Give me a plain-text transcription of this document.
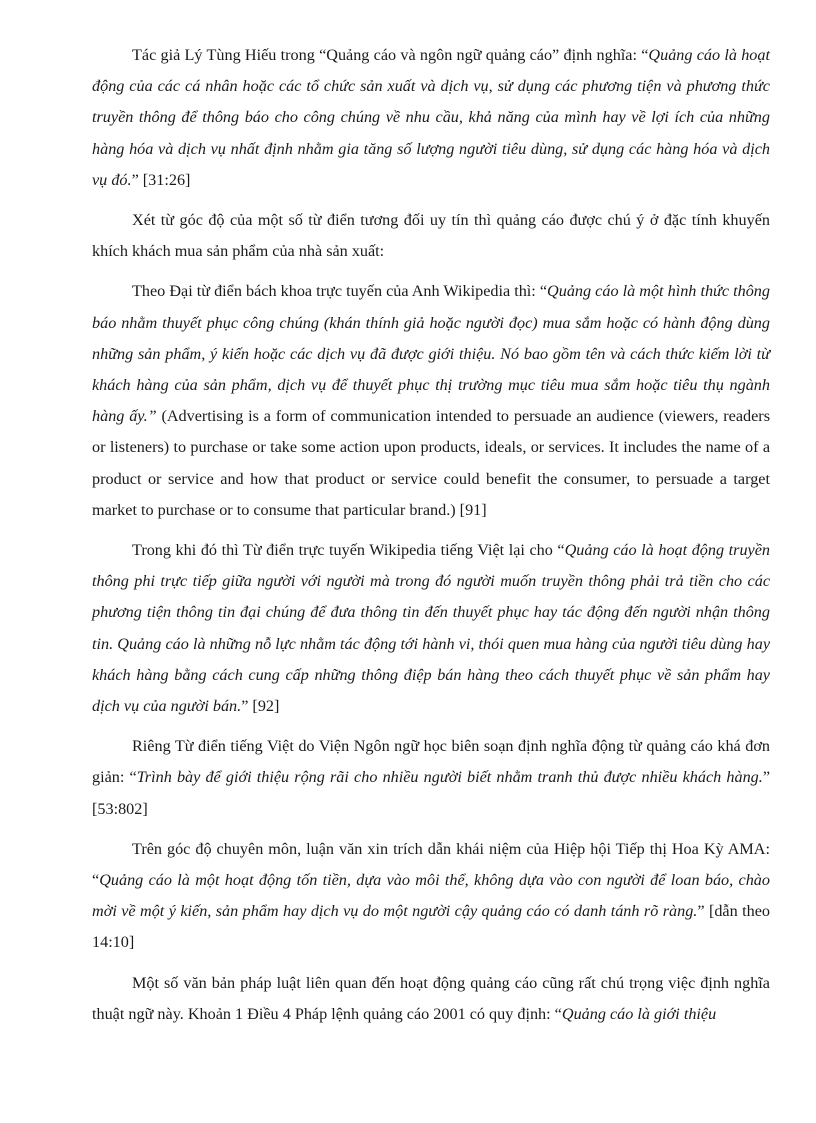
Tác giả Lý Tùng Hiếu trong “Quảng cáo và ngôn ngữ quảng cáo” định nghĩa: “Quảng cáo là hoạt động của các cá nhân hoặc các tổ chức sản xuất và dịch vụ, sử dụng các phương tiện và phương thức truyền thông để thông báo cho công chúng về nhu cầu, khả năng của mình hay về lợi ích của những hàng hóa và dịch vụ nhất định nhằm gia tăng số lượng người tiêu dùng, sử dụng các hàng hóa và dịch vụ đó.” [31:26]

Xét từ góc độ của một số từ điển tương đối uy tín thì quảng cáo được chú ý ở đặc tính khuyến khích khách mua sản phẩm của nhà sản xuất:

Theo Đại từ điển bách khoa trực tuyến của Anh Wikipedia thì: “Quảng cáo là một hình thức thông báo nhằm thuyết phục công chúng (khán thính giả hoặc người đọc) mua sắm hoặc có hành động dùng những sản phẩm, ý kiến hoặc các dịch vụ đã được giới thiệu. Nó bao gồm tên và cách thức kiếm lời từ khách hàng của sản phẩm, dịch vụ để thuyết phục thị trường mục tiêu mua sắm hoặc tiêu thụ ngành hàng ấy.” (Advertising is a form of communication intended to persuade an audience (viewers, readers or listeners) to purchase or take some action upon products, ideals, or services. It includes the name of a product or service and how that product or service could benefit the consumer, to persuade a target market to purchase or to consume that particular brand.) [91]

Trong khi đó thì Từ điển trực tuyến Wikipedia tiếng Việt lại cho “Quảng cáo là hoạt động truyền thông phi trực tiếp giữa người với người mà trong đó người muốn truyền thông phải trả tiền cho các phương tiện thông tin đại chúng để đưa thông tin đến thuyết phục hay tác động đến người nhận thông tin. Quảng cáo là những nỗ lực nhằm tác động tới hành vi, thói quen mua hàng của người tiêu dùng hay khách hàng bằng cách cung cấp những thông điệp bán hàng theo cách thuyết phục về sản phẩm hay dịch vụ của người bán.” [92]

Riêng Từ điển tiếng Việt do Viện Ngôn ngữ học biên soạn định nghĩa động từ quảng cáo khá đơn giản: “Trình bày để giới thiệu rộng rãi cho nhiều người biết nhằm tranh thủ được nhiều khách hàng.” [53:802]

Trên góc độ chuyên môn, luận văn xin trích dẫn khái niệm của Hiệp hội Tiếp thị Hoa Kỳ AMA: “Quảng cáo là một hoạt động tốn tiền, dựa vào môi thể, không dựa vào con người để loan báo, chào mời về một ý kiến, sản phẩm hay dịch vụ do một người cậy quảng cáo có danh tánh rõ ràng.” [dẫn theo 14:10]

Một số văn bản pháp luật liên quan đến hoạt động quảng cáo cũng rất chú trọng việc định nghĩa thuật ngữ này. Khoản 1 Điều 4 Pháp lệnh quảng cáo 2001 có quy định: “Quảng cáo là giới thiệu
